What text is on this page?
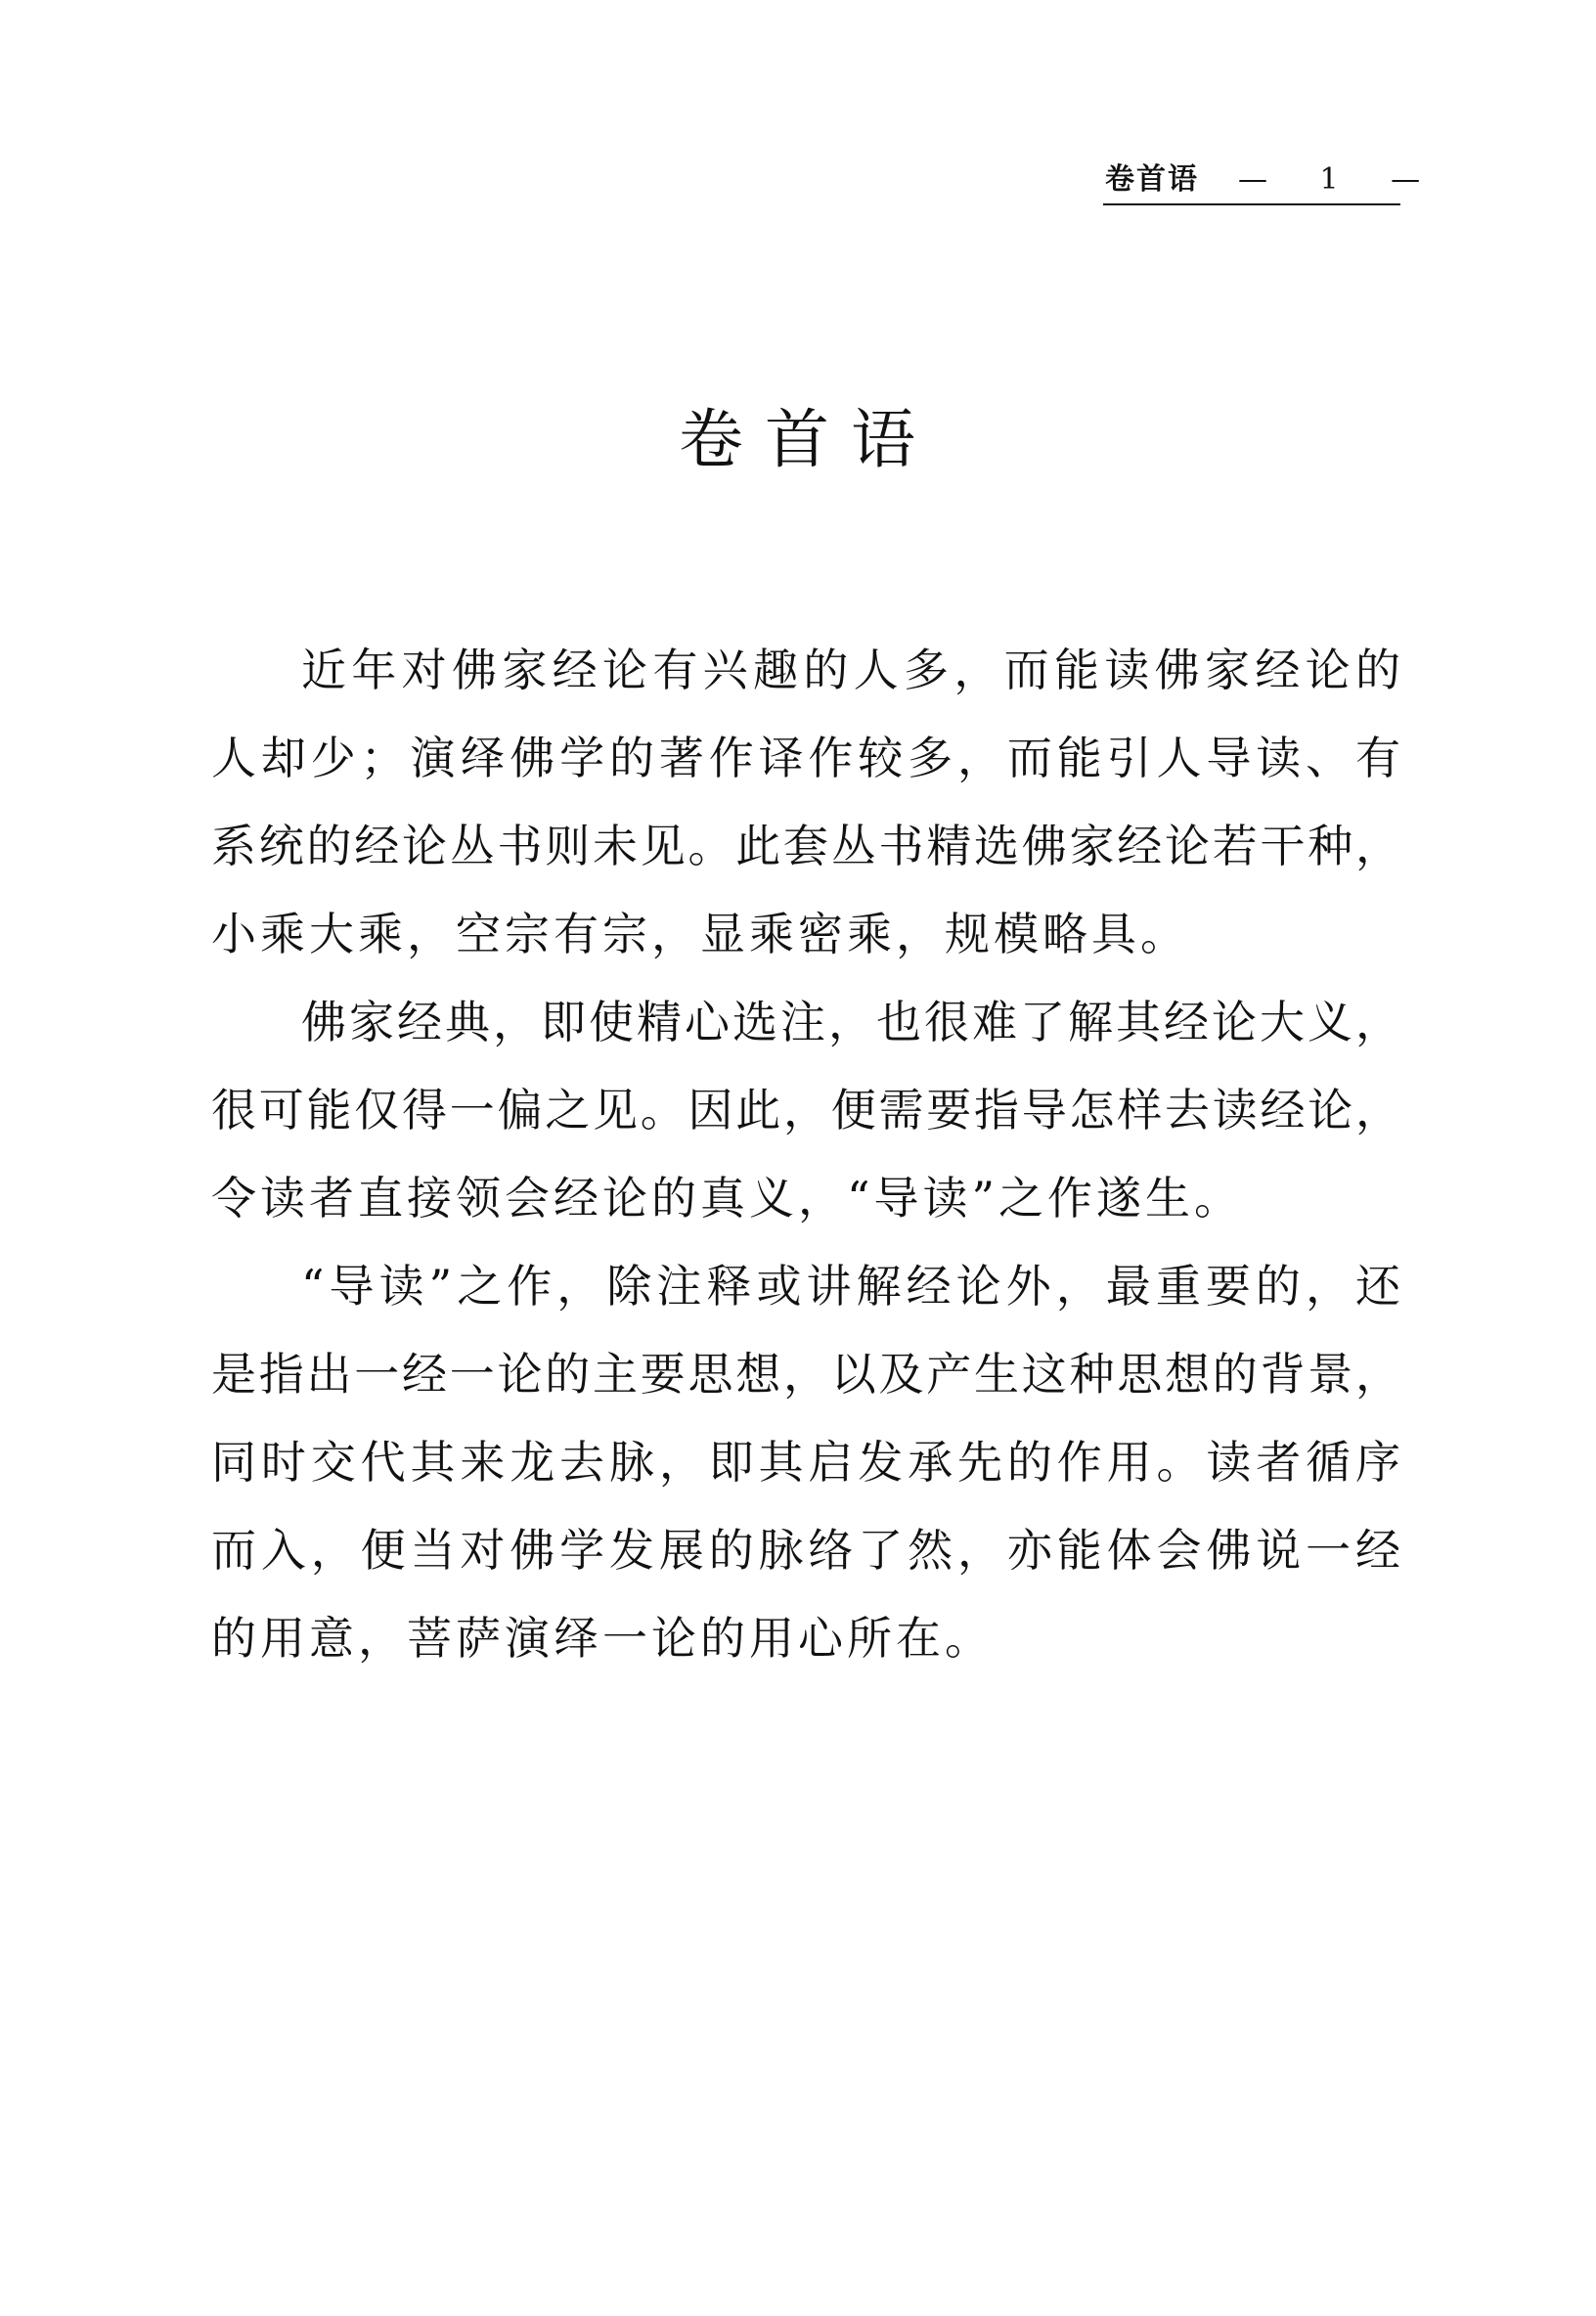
卷首语 — 1 —
卷首语
近年对佛家经论有兴趣的人多，而能读佛家经论的
人却少；演绎佛学的著作译作较多，而能引人导读、有
系统的经论丛书则未见。此套丛书精选佛家经论若干种，
小乘大乘，空宗有宗，显乘密乘，规模略具。
佛家经典，即使精心选注，也很难了解其经论大义，
很可能仅得一偏之见。因此，便需要指导怎样去读经论，
令读者直接领会经论的真义，“导读”之作遂生。
“导读”之作，除注释或讲解经论外，最重要的，还
是指出一经一论的主要思想，以及产生这种思想的背景，
同时交代其来龙去脉，即其启发承先的作用。读者循序
而入，便当对佛学发展的脉络了然，亦能体会佛说一经
的用意，菩萨演绎一论的用心所在。
